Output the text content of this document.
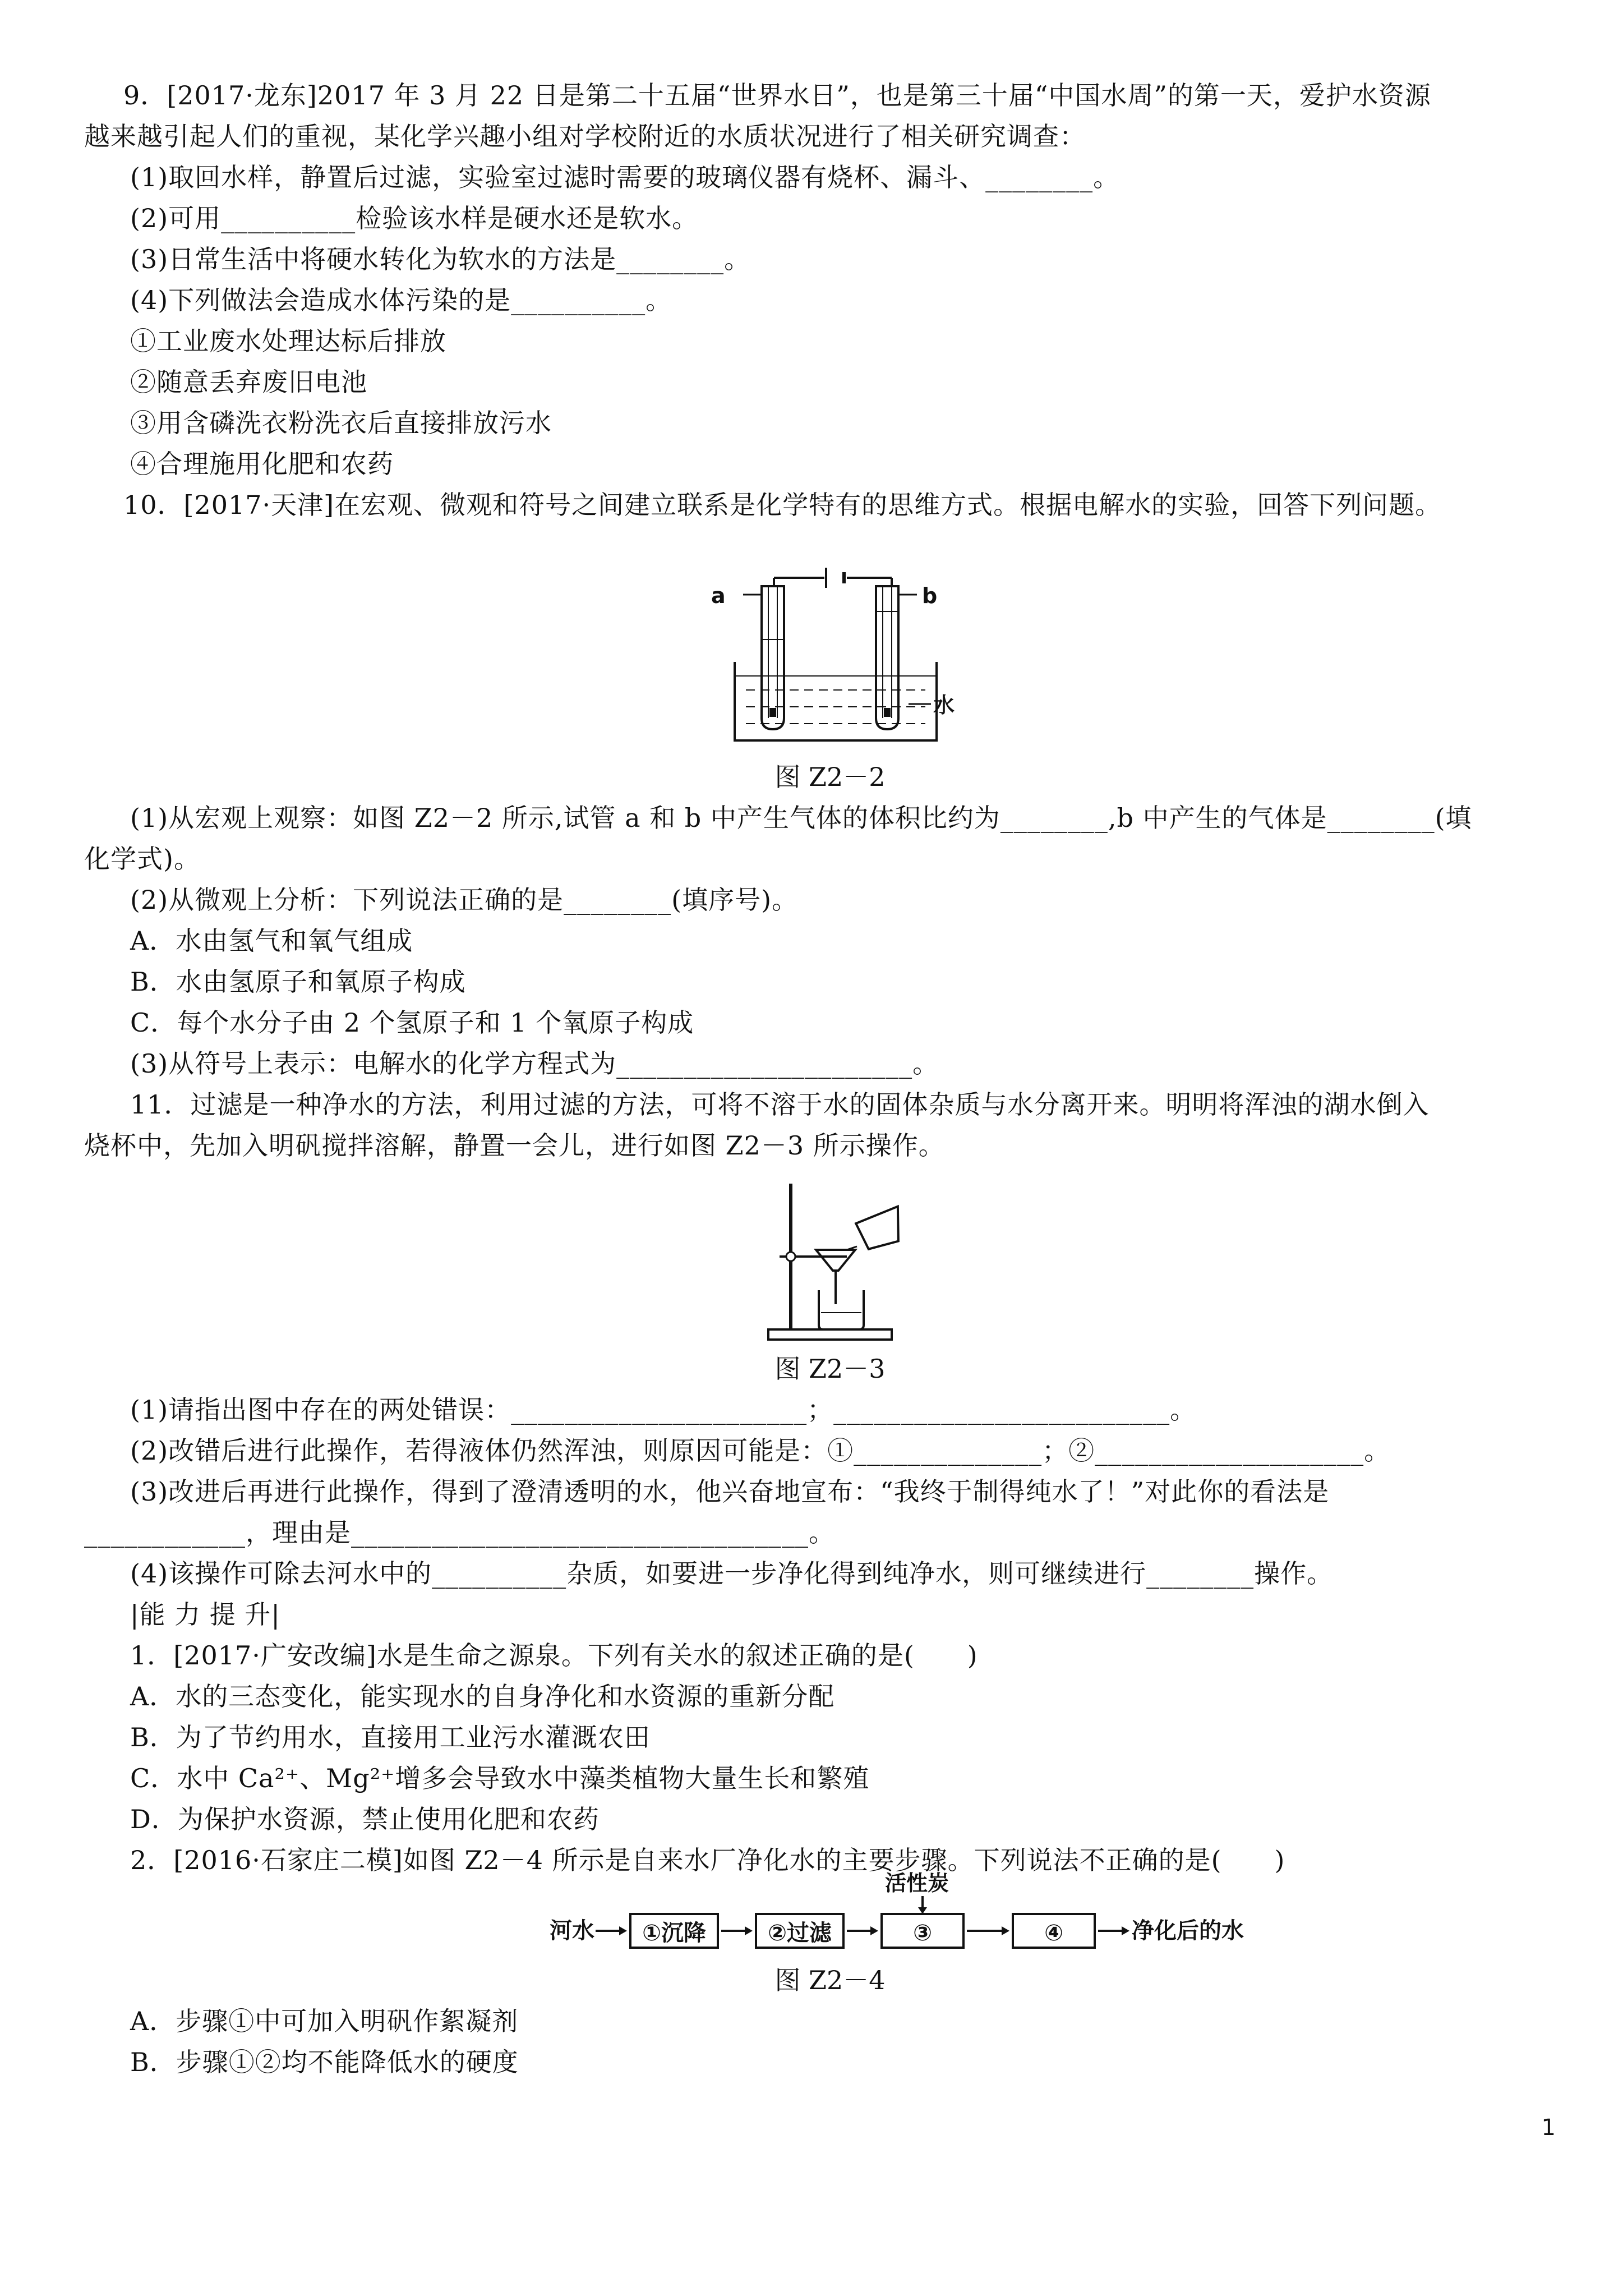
9．[2017·龙东]2017 年 3 月 22 日是第二十五届“世界水日”，也是第三十届“中国水周”的第一天，爱护水资源
越来越引起人们的重视，某化学兴趣小组对学校附近的水质状况进行了相关研究调查：
(1)取回水样，静置后过滤，实验室过滤时需要的玻璃仪器有烧杯、漏斗、________。
(2)可用__________检验该水样是硬水还是软水。
(3)日常生活中将硬水转化为软水的方法是________。
(4)下列做法会造成水体污染的是__________。
①工业废水处理达标后排放
②随意丢弃废旧电池
③用含磷洗衣粉洗衣后直接排放污水
④合理施用化肥和农药
10．[2017·天津]在宏观、微观和符号之间建立联系是化学特有的思维方式。根据电解水的实验，回答下列问题。
a	b
水
图 Z2－2
(1)从宏观上观察：如图 Z2－2 所示,试管 a 和 b 中产生气体的体积比约为________,b 中产生的气体是________(填
化学式)。
(2)从微观上分析：下列说法正确的是________(填序号)。
A．水由氢气和氧气组成
B．水由氢原子和氧原子构成
C．每个水分子由 2 个氢原子和 1 个氧原子构成
(3)从符号上表示：电解水的化学方程式为______________________。
11．过滤是一种净水的方法，利用过滤的方法，可将不溶于水的固体杂质与水分离开来。明明将浑浊的湖水倒入
烧杯中，先加入明矾搅拌溶解，静置一会儿，进行如图 Z2－3 所示操作。
图 Z2－3
(1)请指出图中存在的两处错误：______________________；_________________________。
(2)改错后进行此操作，若得液体仍然浑浊，则原因可能是：①______________；②____________________。
(3)改进后再进行此操作，得到了澄清透明的水，他兴奋地宣布：“我终于制得纯水了！”对此你的看法是
____________，理由是__________________________________。
(4)该操作可除去河水中的__________杂质，如要进一步净化得到纯净水，则可继续进行________操作。
|能 力 提 升|
1．[2017·广安改编]水是生命之源泉。下列有关水的叙述正确的是(　　)
A．水的三态变化，能实现水的自身净化和水资源的重新分配
B．为了节约用水，直接用工业污水灌溉农田
C．水中 Ca²⁺、Mg²⁺增多会导致水中藻类植物大量生长和繁殖
D．为保护水资源，禁止使用化肥和农药
2．[2016·石家庄二模]如图 Z2－4 所示是自来水厂净化水的主要步骤。下列说法不正确的是(　　)
河水	①沉降	②过滤	③
活性炭
④	净化后的水
图 Z2－4
A．步骤①中可加入明矾作絮凝剂
B．步骤①②均不能降低水的硬度
1
